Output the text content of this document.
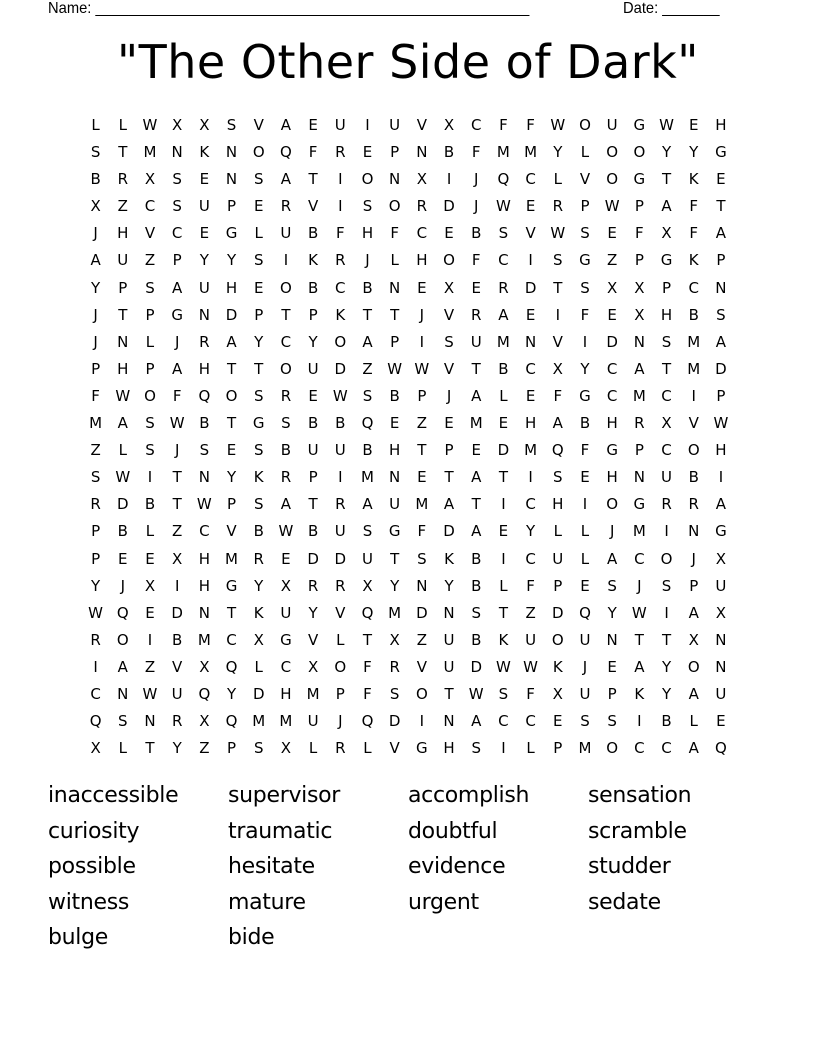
Name: _____________________________________________________	Date: _______
"The Other Side of Dark"
L	L	W X	X	S	V	A	E	U	I	U	V	X	C	F	F	W O	U	G W	E	H
S	T	M	N	K	N	O	Q	F	R	E	P	N	B	F	M M	Y	L	O	O	Y	Y	G
B	R	X	S	E	N	S	A	T	I	O	N	X	I	J	Q	C	L	V	O	G	T	K	E
X	Z	C	S	U	P	E	R	V	I	S	O	R	D	J	W	E	R	P	W	P	A	F	T
J	H	V	C	E	G	L	U	B	F	H	F	C	E	B	S	V W	S	E	F	X	F	A
A	U	Z	P	Y	Y	S	I	K	R	J	L	H	O	F	C	I	S	G	Z	P	G	K	P
Y	P	S	A	U	H	E	O	B	C	B	N	E	X	E	R	D	T	S	X	X	P	C	N
J	T	P	G	N	D	P	T	P	K	T	T	J	V	R	A	E	I	F	E	X	H	B	S
J	N	L	J	R	A	Y	C	Y	O	A	P	I	S	U	M	N	V	I	D	N	S	M	A
P	H	P	A	H	T	T	O	U	D	Z W W V	T	B	C	X	Y	C	A	T	M D
F	W O	F	Q	O	S	R	E	W	S	B	P	J	A	L	E	F	G	C	M	C	I	P
M	A	S	W B	T	G	S	B	B	Q	E	Z	E	M	E	H	A	B	H	R	X	V W
Z	L	S	J	S	E	S	B	U	U	B	H	T	P	E	D M Q	F	G	P	C	O	H
S	W	I	T	N	Y	K	R	P	I	M	N	E	T	A	T	I	S	E	H	N	U	B	I
R	D	B	T	W	P	S	A	T	R	A	U	M	A	T	I	C	H	I	O	G	R	R	A
P	B	L	Z	C	V	B W B	U	S	G	F	D	A	E	Y	L	L	J	M	I	N	G
P	E	E	X	H	M	R	E	D	D	U	T	S	K	B	I	C	U	L	A	C	O	J	X
Y	J	X	I	H	G	Y	X	R	R	X	Y	N	Y	B	L	F	P	E	S	J	S	P	U
W Q	E	D	N	T	K	U	Y	V	Q M D	N	S	T	Z	D	Q	Y	W	I	A	X
R	O	I	B	M	C	X	G	V	L	T	X	Z	U	B	K	U	O	U	N	T	T	X	N
I	A	Z	V	X	Q	L	C	X	O	F	R	V	U	D W W K	J	E	A	Y	O	N
C	N W U	Q	Y	D	H	M	P	F	S	O	T	W	S	F	X	U	P	K	Y	A	U
Q	S	N	R	X	Q M M	U	J	Q	D	I	N	A	C	C	E	S	S	I	B	L	E
X	L	T	Y	Z	P	S	X	L	R	L	V	G	H	S	I	L	P	M O	C	C	A	Q
inaccessible	supervisor	accomplish	sensation
curiosity	traumatic	doubtful	scramble
possible	hesitate	evidence	studder
witness	mature	urgent	sedate
bulge	bide
